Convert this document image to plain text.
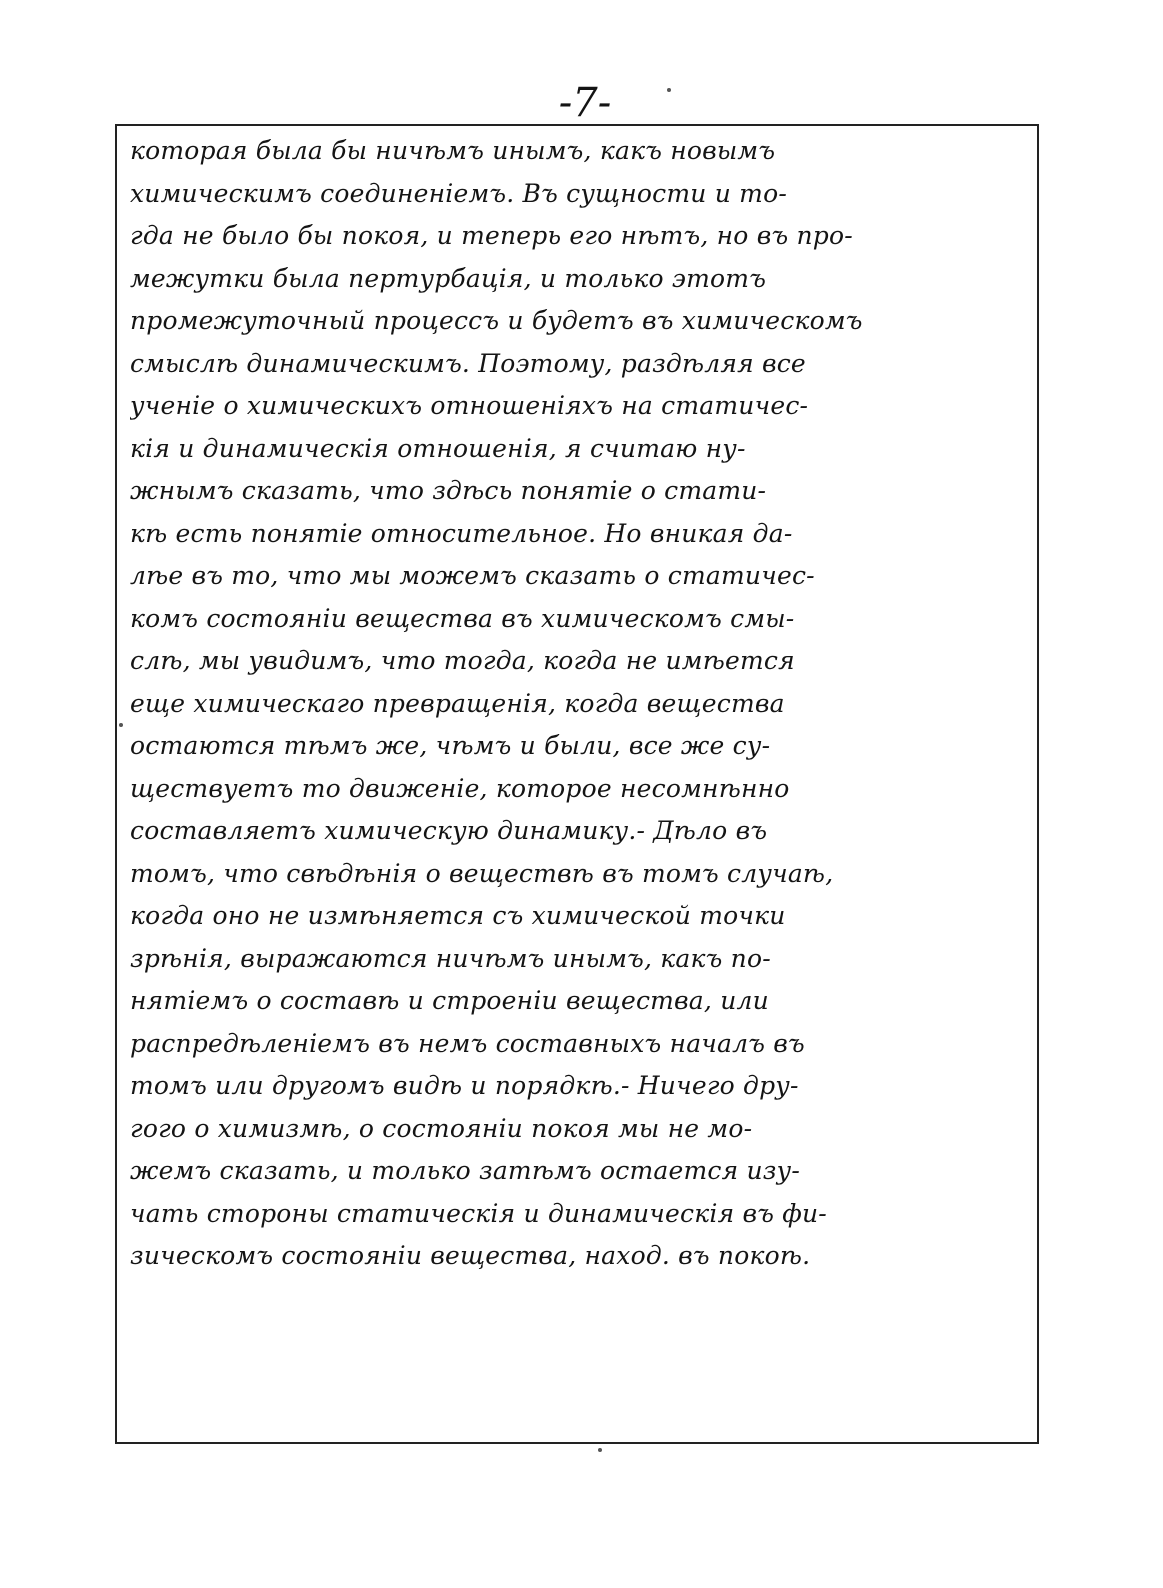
-7-
которая была бы ничѣмъ инымъ, какъ новымъ
химическимъ соединеніемъ. Въ сущности и то-
гда не было бы покоя, и теперь его нѣтъ, но въ про-
межутки была пертурбація, и только этотъ
промежуточный процессъ и будетъ въ химическомъ
смыслѣ динамическимъ. Поэтому, раздѣляя все
ученіе о химическихъ отношеніяхъ на статичес-
кія и динамическія отношенія, я считаю ну-
жнымъ сказать, что здѣсь понятіе о стати-
кѣ есть понятіе относительное. Но вникая да-
лѣе въ то, что мы можемъ сказать о статичес-
комъ состояніи вещества въ химическомъ смы-
слѣ, мы увидимъ, что тогда, когда не имѣется
еще химическаго превращенія, когда вещества
остаются тѣмъ же, чѣмъ и были, все же су-
ществуетъ то движеніе, которое несомнѣнно
составляетъ химическую динамику.- Дѣло въ
томъ, что свѣдѣнія о веществѣ въ томъ случаѣ,
когда оно не измѣняется съ химической точки
зрѣнія, выражаются ничѣмъ инымъ, какъ по-
нятіемъ о составѣ и строеніи вещества, или
распредѣленіемъ въ немъ составныхъ началъ въ
томъ или другомъ видѣ и порядкѣ.- Ничего дру-
гого о химизмѣ, о состояніи покоя мы не мо-
жемъ сказать, и только затѣмъ остается изу-
чать стороны статическія и динамическія въ фи-
зическомъ состояніи вещества, наход. въ покоѣ.
